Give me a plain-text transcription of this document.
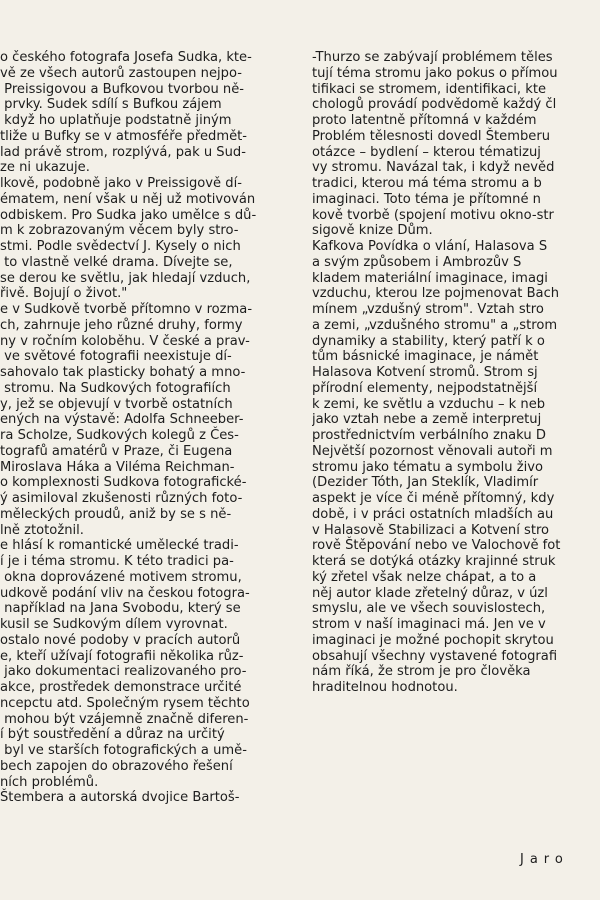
o českého fotografa Josefa Sudka, kte-
vě ze všech autorů zastoupen nejpo-
Preissigovou a Bufkovou tvorbou ně-
prvky. Sudek sdílí s Bufkou zájem
když ho uplatňuje podstatně jiným
tliže u Bufky se v atmosféře předmět-
lad právě strom, rozplývá, pak u Sud-
ze ni ukazuje.
lkově, podobně jako v Preissigově dí-
ématem, není však u něj už motivován
odbiskem. Pro Sudka jako umělce s dů-
m k zobrazovaným věcem byly stro-
stmi. Podle svědectví J. Kysely o nich
to vlastně velké drama. Dívejte se,
se derou ke světlu, jak hledají vzduch,
řivě. Bojují o život."
e v Sudkově tvorbě přítomno v rozma-
ch, zahrnuje jeho různé druhy, formy
ny v ročním koloběhu. V české a prav-
ve světové fotografii neexistuje dí-
sahovalo tak plasticky bohatý a mno-
stromu. Na Sudkových fotografiích
y, jež se objevují v tvorbě ostatních
ených na výstavě: Adolfa Schneeber-
ra Scholze, Sudkových kolegů z Čes-
tografů amatérů v Praze, či Eugena
Miroslava Háka a Viléma Reichman-
o komplexnosti Sudkova fotografické-
ý asimiloval zkušenosti různých foto-
měleckých proudů, aniž by se s ně-
lně ztotožnil.
e hlásí k romantické umělecké tradi-
í je i téma stromu. K této tradici pa-
okna doprovázené motivem stromu,
udkově podání vliv na českou fotogra-
například na Jana Svobodu, který se
kusil se Sudkovým dílem vyrovnat.
ostalo nové podoby v pracích autorů
e, kteří užívají fotografii několika růz-
jako dokumentaci realizovaného pro-
akce, prostředek demonstrace určité
ncepctu atd. Společným rysem těchto
mohou být vzájemně značně diferen-
í být soustředění a důraz na určitý
byl ve starších fotografických a umě-
bech zapojen do obrazového řešení
ních problémů.
Štembera a autorská dvojice Bartoš-
-Thurzo se zabývají problémem těles
tují téma stromu jako pokus o přímou
tifikaci se stromem, identifikaci, kte
chologů provádí podvědomě každý čl
proto latentně přítomná v každém
Problém tělesnosti dovedl Štemberu
otázce – bydlení – kterou tématizuj
vy stromu. Navázal tak, i když nevěd
tradici, kterou má téma stromu a b
imaginaci. Toto téma je přítomné n
kově tvorbě (spojení motivu okno-str
sigově knize Dům.
Kafkova Povídka o vlání, Halasova S
a svým způsobem i Ambrozův S
kladem materiální imaginace, imagi
vzduchu, kterou lze pojmenovat Bach
mínem „vzdušný strom". Vztah stro
a zemi, „vzdušného stromu" a „strom
dynamiky a stability, který patří k o
tům básnické imaginace, je námět
Halasova Kotvení stromů. Strom sj
přírodní elementy, nejpodstatnější
k zemi, ke světlu a vzduchu – k neb
jako vztah nebe a země interpretuj
prostřednictvím verbálního znaku D
Největší pozornost věnovali autoři m
stromu jako tématu a symbolu živo
(Dezider Tóth, Jan Steklík, Vladimír
aspekt je více či méně přítomný, kdy
době, i v práci ostatních mladších au
v Halasově Stabilizaci a Kotvení stro
rově Štěpování nebo ve Valochově fot
která se dotýká otázky krajinné struk
ký zřetel však nelze chápat, a to a
něj autor klade zřetelný důraz, v úzl
smyslu, ale ve všech souvislostech,
strom v naší imaginaci má. Jen ve v
imaginaci je možné pochopit skrytou
obsahují všechny vystavené fotografi
nám říká, že strom je pro člověka
hraditelnou hodnotou.
Jaro
